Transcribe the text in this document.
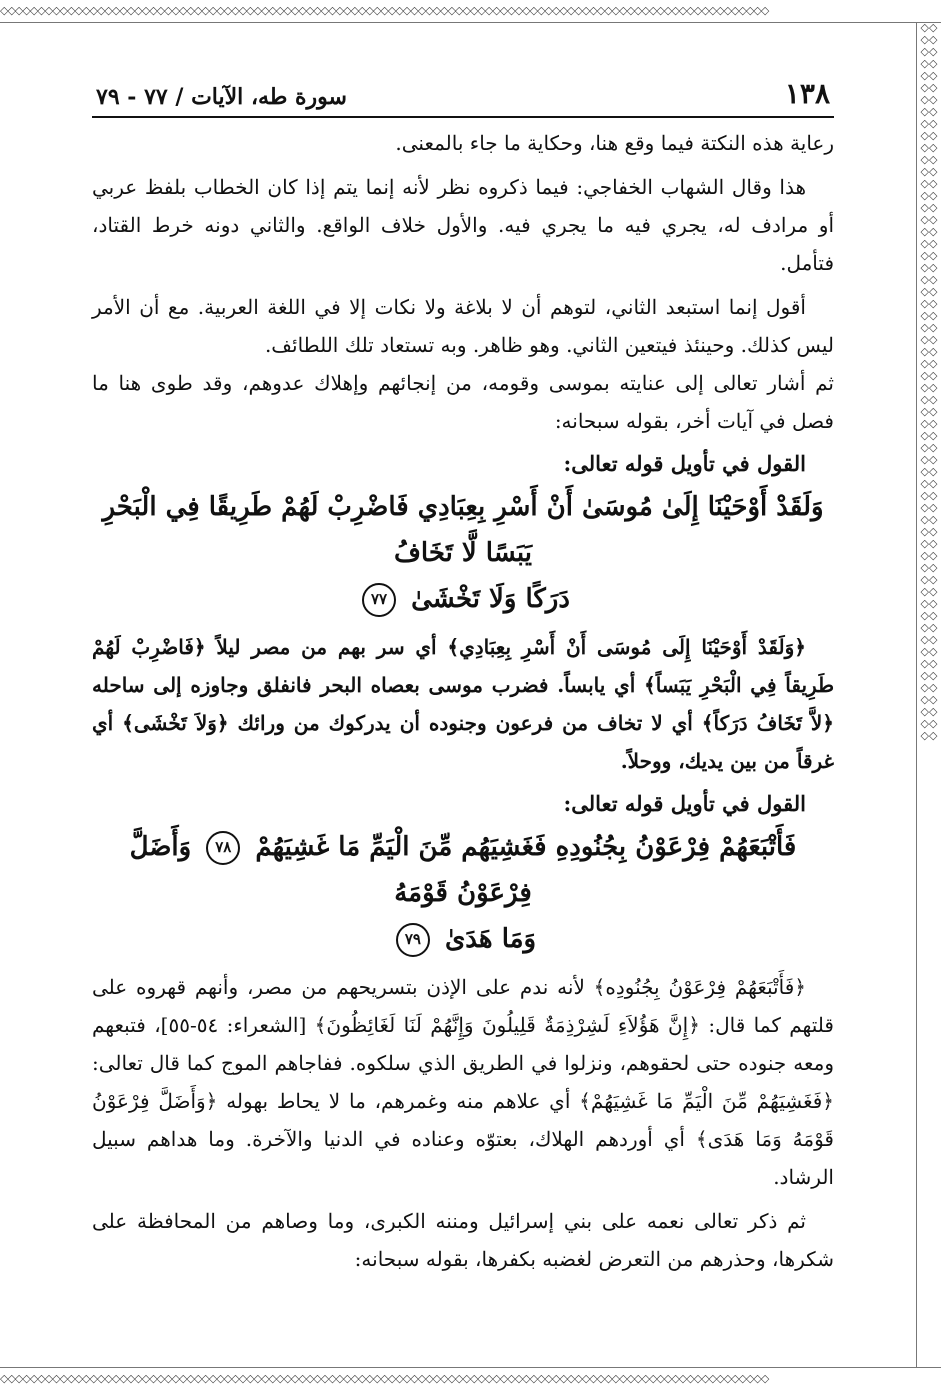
◇◇◇◇◇◇◇◇◇◇◇◇◇◇◇◇◇◇◇◇◇◇◇◇◇◇◇◇◇◇◇◇◇◇◇◇◇◇◇◇◇◇◇◇◇◇◇◇◇◇◇◇◇◇◇◇◇◇◇◇◇◇◇◇◇◇◇◇◇◇◇◇◇◇◇◇◇◇◇◇◇◇◇◇◇◇◇◇◇◇◇◇◇◇◇◇◇◇◇◇◇◇◇
◇◇◇◇◇◇◇◇◇◇◇◇◇◇◇◇◇◇◇◇◇◇◇◇◇◇◇◇◇◇◇◇◇◇◇◇◇◇◇◇◇◇◇◇◇◇◇◇◇◇◇◇◇◇◇◇◇◇◇◇◇◇◇◇◇◇◇◇◇◇◇◇◇◇◇◇◇◇◇◇◇◇◇◇◇◇◇◇◇◇◇◇◇◇◇◇◇◇◇◇◇◇◇◇◇◇◇◇◇◇◇◇◇◇◇◇◇◇◇◇
◇◇◇◇◇◇◇◇◇◇◇◇◇◇◇◇◇◇◇◇◇◇◇◇◇◇◇◇◇◇◇◇◇◇◇◇◇◇◇◇◇◇◇◇◇◇◇◇◇◇◇◇◇◇◇◇◇◇◇◇◇◇◇◇◇◇◇◇◇◇◇◇◇◇◇◇◇◇◇◇◇◇◇◇◇◇◇◇◇◇◇◇◇◇◇◇◇◇◇◇◇◇◇
١٣٨
سورة طه، الآيات / ٧٧ - ٧٩

رعاية هذه النكتة فيما وقع هنا، وحكاية ما جاء بالمعنى.

هذا وقال الشهاب الخفاجي: فيما ذكروه نظر لأنه إنما يتم إذا كان الخطاب بلفظ عربي أو مرادف له، يجري فيه ما يجري فيه. والأول خلاف الواقع. والثاني دونه خرط القتاد، فتأمل.

أقول إنما استبعد الثاني، لتوهم أن لا بلاغة ولا نكات إلا في اللغة العربية. مع أن الأمر ليس كذلك. وحينئذ فيتعين الثاني. وهو ظاهر. وبه تستعاد تلك اللطائف.

ثم أشار تعالى إلى عنايته بموسى وقومه، من إنجائهم وإهلاك عدوهم، وقد طوى هنا ما فصل في آيات أخر، بقوله سبحانه:

القول في تأويل قوله تعالى:

وَلَقَدْ أَوْحَيْنَا إِلَىٰ مُوسَىٰ أَنْ أَسْرِ بِعِبَادِي فَاضْرِبْ لَهُمْ طَرِيقًا فِي الْبَحْرِ يَبَسًا لَّا تَخَافُ

دَرَكًا وَلَا تَخْشَىٰ ٧٧

﴿وَلَقَدْ أَوْحَيْنَا إِلَى مُوسَى أَنْ أَسْرِ بِعِبَادِي﴾ أي سر بهم من مصر ليلاً ﴿فَاضْرِبْ لَهُمْ طَرِيقاً فِي الْبَحْرِ يَبَساً﴾ أي يابساً. فضرب موسى بعصاه البحر فانفلق وجاوزه إلى ساحله ﴿لاَّ تَخَافُ دَرَكاً﴾ أي لا تخاف من فرعون وجنوده أن يدركوك من ورائك ﴿وَلاَ تَخْشَى﴾ أي غرقاً من بين يديك، ووحلاً.

القول في تأويل قوله تعالى:

فَأَتْبَعَهُمْ فِرْعَوْنُ بِجُنُودِهِ فَغَشِيَهُم مِّنَ الْيَمِّ مَا غَشِيَهُمْ ٧٨ وَأَضَلَّ فِرْعَوْنُ قَوْمَهُ

وَمَا هَدَىٰ ٧٩

﴿فَأَتْبَعَهُمْ فِرْعَوْنُ بِجُنُودِه﴾ لأنه ندم على الإذن بتسريحهم من مصر، وأنهم قهروه على قلتهم كما قال: ﴿إِنَّ هَؤُلاَءِ لَشِرْذِمَةٌ قَلِيلُونَ وَإِنَّهُمْ لَنَا لَغَائِظُونَ﴾ [الشعراء: ٥٤-٥٥]، فتبعهم ومعه جنوده حتى لحقوهم، ونزلوا في الطريق الذي سلكوه. ففاجاهم الموج كما قال تعالى: ﴿فَغَشِيَهُمْ مِّنَ الْيَمِّ مَا غَشِيَهُمْ﴾ أي علاهم منه وغمرهم، ما لا يحاط بهوله ﴿وَأَضَلَّ فِرْعَوْنُ قَوْمَهُ وَمَا هَدَى﴾ أي أوردهم الهلاك، بعتوّه وعناده في الدنيا والآخرة. وما هداهم سبيل الرشاد.

ثم ذكر تعالى نعمه على بني إسرائيل ومننه الكبرى، وما وصاهم من المحافظة على شكرها، وحذرهم من التعرض لغضبه بكفرها، بقوله سبحانه:
